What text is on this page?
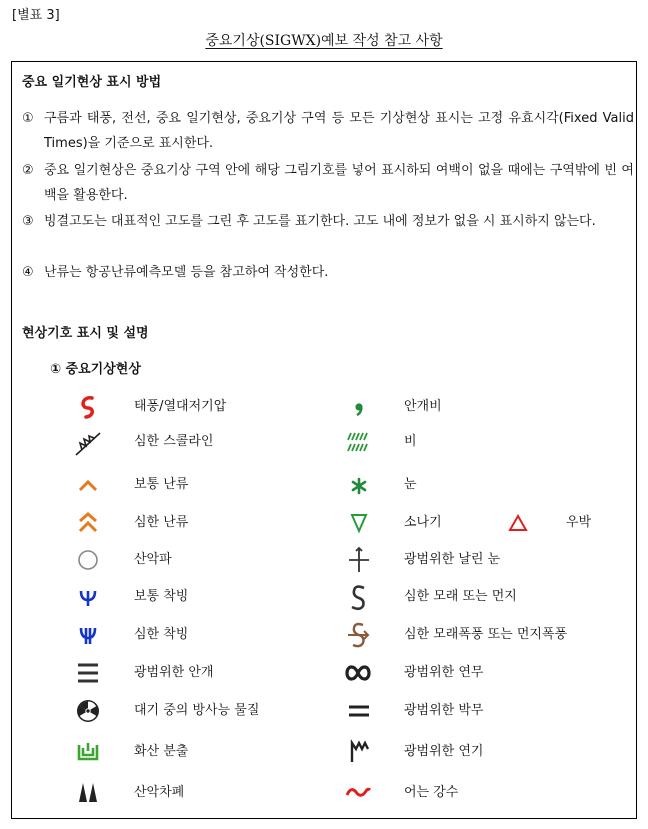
[별표 3]
중요기상(SIGWX)예보 작성 참고 사항
중요 일기현상 표시 방법
① 구름과 태풍, 전선, 중요 일기현상, 중요기상 구역 등 모든 기상현상 표시는 고정 유효시각(Fixed Valid Times)을 기준으로 표시한다.
② 중요 일기현상은 중요기상 구역 안에 해당 그림기호를 넣어 표시하되 여백이 없을 때에는 구역밖에 빈 여백을 활용한다.
③ 빙결고도는 대표적인 고도를 그린 후 고도를 표기한다. 고도 내에 정보가 없을 시 표시하지 않는다.
④ 난류는 항공난류예측모델 등을 참고하여 작성한다.
현상기호 표시 및 설명
① 중요기상현상
태풍/열대저기압
심한 스콜라인
보통 난류
심한 난류
산악파
보통 착빙
심한 착빙
광범위한 안개
대기 중의 방사능 물질
화산 분출
산악차폐
안개비
비
눈
소나기	우박
광범위한 날린 눈
심한 모래 또는 먼지
심한 모래폭풍 또는 먼지폭풍
광범위한 연무
광범위한 박무
광범위한 연기
어는 강수
